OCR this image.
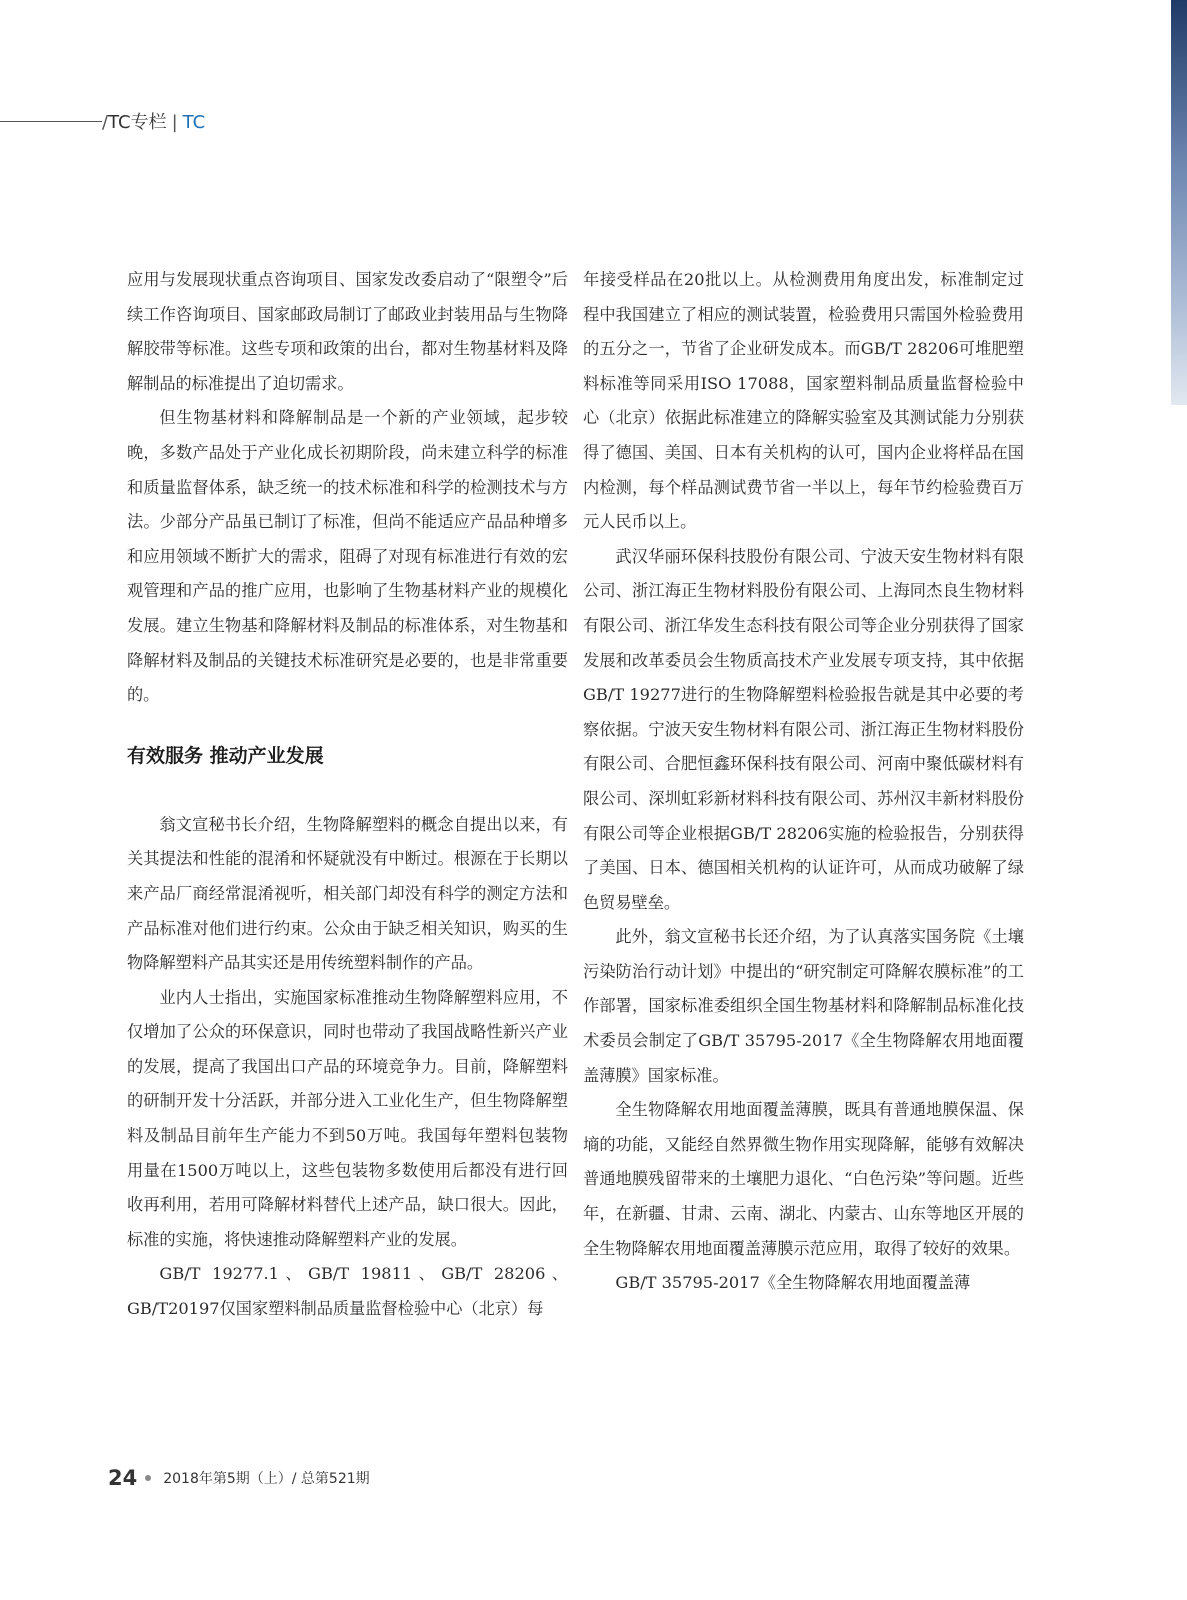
/TC专栏 | TC

应用与发展现状重点咨询项目、国家发改委启动了“限塑令”后续工作咨询项目、国家邮政局制订了邮政业封装用品与生物降解胶带等标准。这些专项和政策的出台，都对生物基材料及降解制品的标准提出了迫切需求。

但生物基材料和降解制品是一个新的产业领域，起步较晚，多数产品处于产业化成长初期阶段，尚未建立科学的标准和质量监督体系，缺乏统一的技术标准和科学的检测技术与方法。少部分产品虽已制订了标准，但尚不能适应产品品种增多和应用领域不断扩大的需求，阻碍了对现有标准进行有效的宏观管理和产品的推广应用，也影响了生物基材料产业的规模化发展。建立生物基和降解材料及制品的标准体系，对生物基和降解材料及制品的关键技术标准研究是必要的，也是非常重要的。

有效服务 推动产业发展

翁文宣秘书长介绍，生物降解塑料的概念自提出以来，有关其提法和性能的混淆和怀疑就没有中断过。根源在于长期以来产品厂商经常混淆视听，相关部门却没有科学的测定方法和产品标准对他们进行约束。公众由于缺乏相关知识，购买的生物降解塑料产品其实还是用传统塑料制作的产品。

业内人士指出，实施国家标准推动生物降解塑料应用，不仅增加了公众的环保意识，同时也带动了我国战略性新兴产业的发展，提高了我国出口产品的环境竞争力。目前，降解塑料的研制开发十分活跃，并部分进入工业化生产，但生物降解塑料及制品目前年生产能力不到50万吨。我国每年塑料包装物用量在1500万吨以上，这些包装物多数使用后都没有进行回收再利用，若用可降解材料替代上述产品，缺口很大。因此，标准的实施，将快速推动降解塑料产业的发展。

GB/T 19277.1、GB/T 19811、GB/T 28206、GB/T20197仅国家塑料制品质量监督检验中心（北京）每

年接受样品在20批以上。从检测费用角度出发，标准制定过程中我国建立了相应的测试装置，检验费用只需国外检验费用的五分之一，节省了企业研发成本。而GB/T 28206可堆肥塑料标准等同采用ISO 17088，国家塑料制品质量监督检验中心（北京）依据此标准建立的降解实验室及其测试能力分别获得了德国、美国、日本有关机构的认可，国内企业将样品在国内检测，每个样品测试费节省一半以上，每年节约检验费百万元人民币以上。

武汉华丽环保科技股份有限公司、宁波天安生物材料有限公司、浙江海正生物材料股份有限公司、上海同杰良生物材料有限公司、浙江华发生态科技有限公司等企业分别获得了国家发展和改革委员会生物质高技术产业发展专项支持，其中依据GB/T 19277进行的生物降解塑料检验报告就是其中必要的考察依据。宁波天安生物材料有限公司、浙江海正生物材料股份有限公司、合肥恒鑫环保科技有限公司、河南中聚低碳材料有限公司、深圳虹彩新材料科技有限公司、苏州汉丰新材料股份有限公司等企业根据GB/T 28206实施的检验报告，分别获得了美国、日本、德国相关机构的认证许可，从而成功破解了绿色贸易壁垒。

此外，翁文宣秘书长还介绍，为了认真落实国务院《土壤污染防治行动计划》中提出的“研究制定可降解农膜标准”的工作部署，国家标准委组织全国生物基材料和降解制品标准化技术委员会制定了GB/T 35795-2017《全生物降解农用地面覆盖薄膜》国家标准。

全生物降解农用地面覆盖薄膜，既具有普通地膜保温、保墒的功能，又能经自然界微生物作用实现降解，能够有效解决普通地膜残留带来的土壤肥力退化、“白色污染”等问题。近些年，在新疆、甘肃、云南、湖北、内蒙古、山东等地区开展的全生物降解农用地面覆盖薄膜示范应用，取得了较好的效果。

GB/T 35795-2017《全生物降解农用地面覆盖薄

24 2018年第5期（上）/ 总第521期
